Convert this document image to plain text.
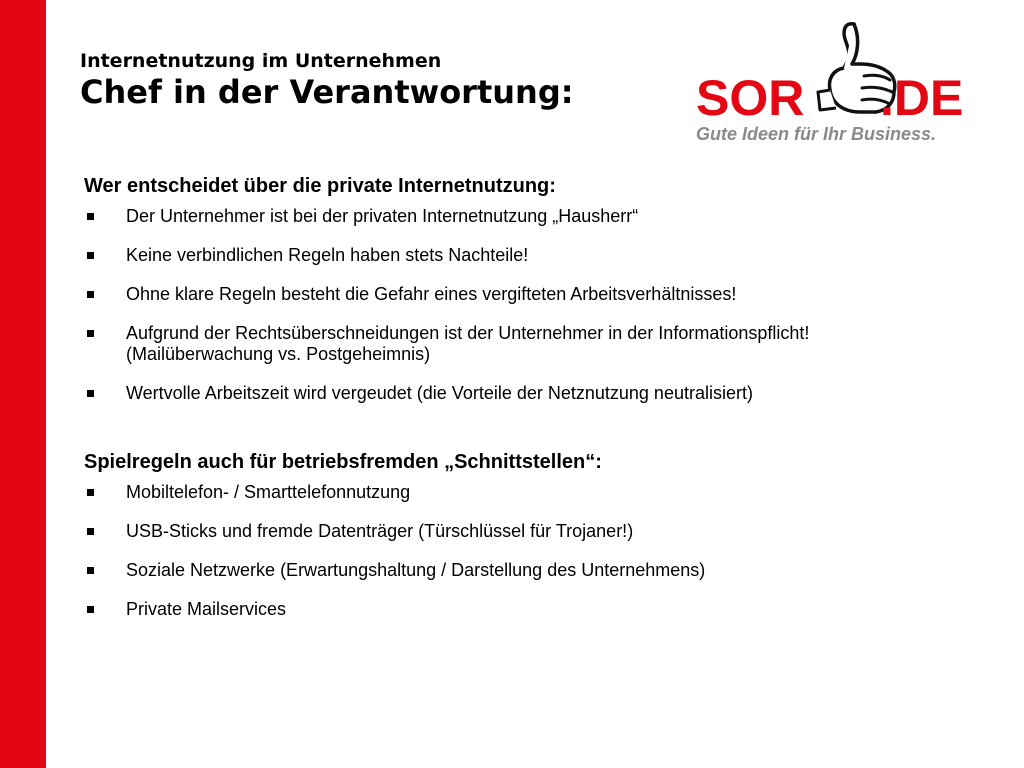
Internetnutzung im Unternehmen

Chef in der Verantwortung: SOR .DE
Gute Ideen für Ihr Business.

Wer entscheidet über die private Internetnutzung:

Der Unternehmer ist bei der privaten Internetnutzung „Hausherr“
Keine verbindlichen Regeln haben stets Nachteile!
Ohne klare Regeln besteht die Gefahr eines vergifteten Arbeitsverhältnisses!
Aufgrund der Rechtsüberschneidungen ist der Unternehmer in der Informationspflicht! (Mailüberwachung vs. Postgeheimnis)
Wertvolle Arbeitszeit wird vergeudet (die Vorteile der Netznutzung neutralisiert)

Spielregeln auch für betriebsfremden „Schnittstellen“:

Mobiltelefon- / Smarttelefonnutzung
USB-Sticks und fremde Datenträger (Türschlüssel für Trojaner!)
Soziale Netzwerke (Erwartungshaltung / Darstellung des Unternehmens)
Private Mailservices
